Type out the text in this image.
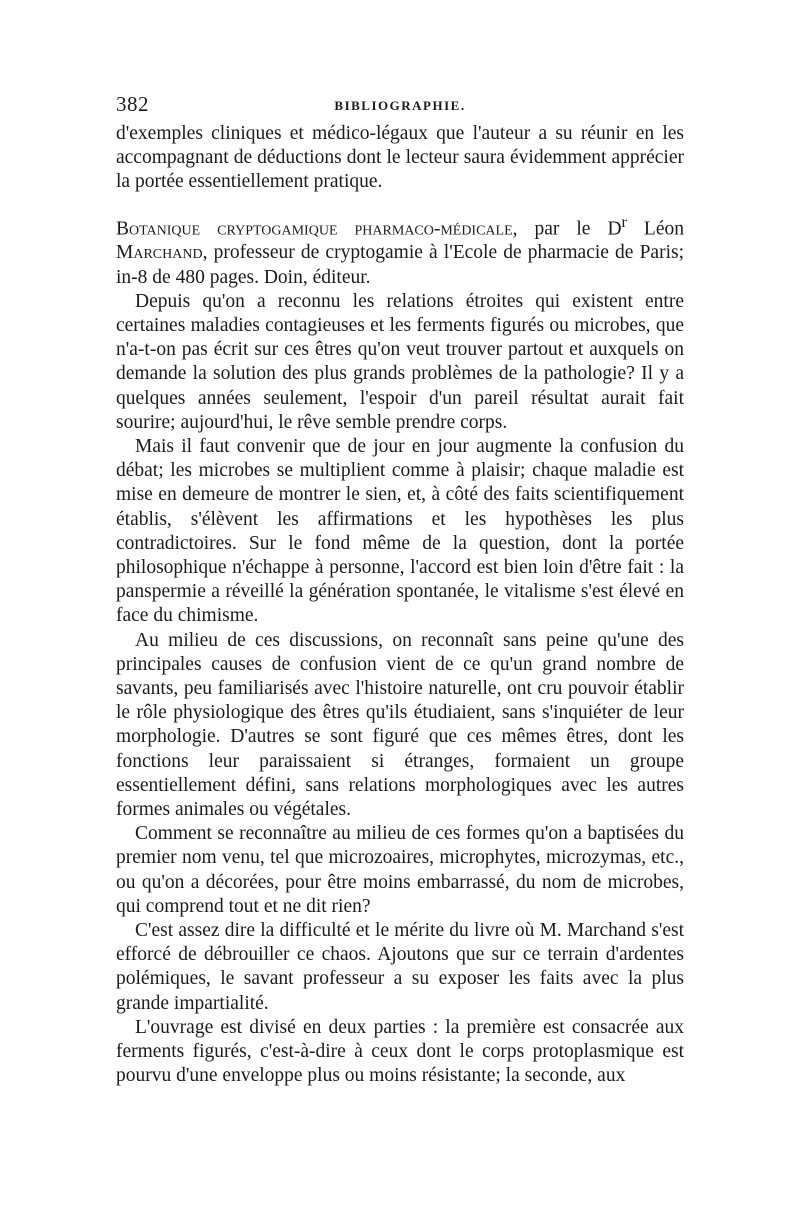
382	BIBLIOGRAPHIE.

d'exemples cliniques et médico-légaux que l'auteur a su réunir en les accompagnant de déductions dont le lecteur saura évidemment apprécier la portée essentiellement pratique.

Botanique cryptogamique pharmaco-médicale, par le $D^r$ Léon Marchand, professeur de cryptogamie à l'Ecole de pharmacie de Paris; in-8 de 480 pages. Doin, éditeur.

Depuis qu'on a reconnu les relations étroites qui existent entre certaines maladies contagieuses et les ferments figurés ou microbes, que n'a-t-on pas écrit sur ces êtres qu'on veut trouver partout et auxquels on demande la solution des plus grands problèmes de la pathologie? Il y a quelques années seulement, l'espoir d'un pareil résultat aurait fait sourire; aujourd'hui, le rêve semble prendre corps.

Mais il faut convenir que de jour en jour augmente la confusion du débat; les microbes se multiplient comme à plaisir; chaque maladie est mise en demeure de montrer le sien, et, à côté des faits scientifiquement établis, s'élèvent les affirmations et les hypothèses les plus contradictoires. Sur le fond même de la question, dont la portée philosophique n'échappe à personne, l'accord est bien loin d'être fait : la panspermie a réveillé la génération spontanée, le vitalisme s'est élevé en face du chimisme.

Au milieu de ces discussions, on reconnaît sans peine qu'une des principales causes de confusion vient de ce qu'un grand nombre de savants, peu familiarisés avec l'histoire naturelle, ont cru pouvoir établir le rôle physiologique des êtres qu'ils étudiaient, sans s'inquiéter de leur morphologie. D'autres se sont figuré que ces mêmes êtres, dont les fonctions leur paraissaient si étranges, formaient un groupe essentiellement défini, sans relations morphologiques avec les autres formes animales ou végétales.

Comment se reconnaître au milieu de ces formes qu'on a baptisées du premier nom venu, tel que microzoaires, microphytes, microzymas, etc., ou qu'on a décorées, pour être moins embarrassé, du nom de microbes, qui comprend tout et ne dit rien?

C'est assez dire la difficulté et le mérite du livre où M. Marchand s'est efforcé de débrouiller ce chaos. Ajoutons que sur ce terrain d'ardentes polémiques, le savant professeur a su exposer les faits avec la plus grande impartialité.

L'ouvrage est divisé en deux parties : la première est consacrée aux ferments figurés, c'est-à-dire à ceux dont le corps protoplasmique est pourvu d'une enveloppe plus ou moins résistante; la seconde, aux
